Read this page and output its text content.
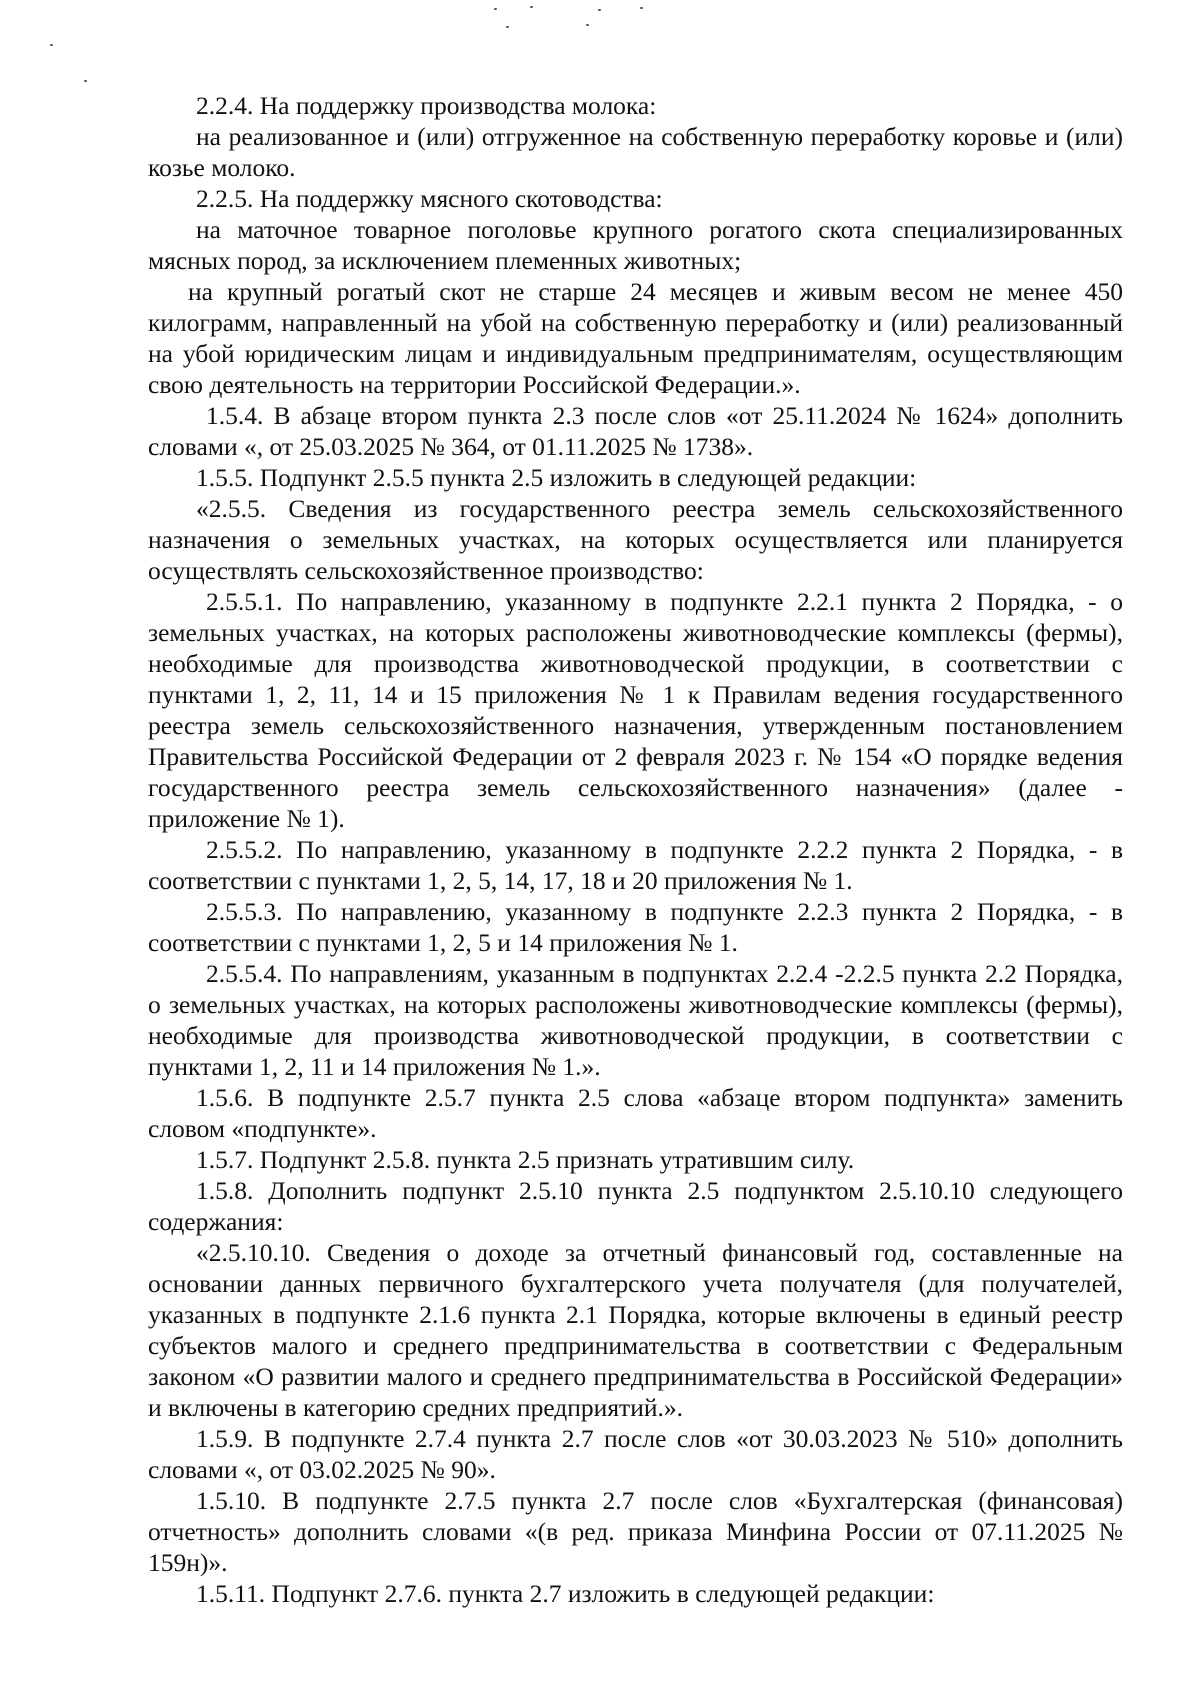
2.2.4. На поддержку производства молока:

на реализованное и (или) отгруженное на собственную переработку коровье и (или) козье молоко.

2.2.5. На поддержку мясного скотоводства:

на маточное товарное поголовье крупного рогатого скота специализированных мясных пород, за исключением племенных животных;

на крупный рогатый скот не старше 24 месяцев и живым весом не менее 450 килограмм, направленный на убой на собственную переработку и (или) реализованный на убой юридическим лицам и индивидуальным предпринимателям, осуществляющим свою деятельность на территории Российской Федерации.».

1.5.4. В абзаце втором пункта 2.3 после слов «от 25.11.2024 № 1624» дополнить словами «, от 25.03.2025 № 364, от 01.11.2025 № 1738».

1.5.5. Подпункт 2.5.5 пункта 2.5 изложить в следующей редакции:

«2.5.5. Сведения из государственного реестра земель сельскохозяйственного назначения о земельных участках, на которых осуществляется или планируется осуществлять сельскохозяйственное производство:

2.5.5.1. По направлению, указанному в подпункте 2.2.1 пункта 2 Порядка, - о земельных участках, на которых расположены животноводческие комплексы (фермы), необходимые для производства животноводческой продукции, в соответствии с пунктами 1, 2, 11, 14 и 15 приложения № 1 к Правилам ведения государственного реестра земель сельскохозяйственного назначения, утвержденным постановлением Правительства Российской Федерации от 2 февраля 2023 г. № 154 «О порядке ведения государственного реестра земель сельскохозяйственного назначения» (далее - приложение № 1).

2.5.5.2. По направлению, указанному в подпункте 2.2.2 пункта 2 Порядка, - в соответствии с пунктами 1, 2, 5, 14, 17, 18 и 20 приложения № 1.

2.5.5.3. По направлению, указанному в подпункте 2.2.3 пункта 2 Порядка, - в соответствии с пунктами 1, 2, 5 и 14 приложения № 1.

2.5.5.4. По направлениям, указанным в подпунктах 2.2.4 -2.2.5 пункта 2.2 Порядка, о земельных участках, на которых расположены животноводческие комплексы (фермы), необходимые для производства животноводческой продукции, в соответствии с пунктами 1, 2, 11 и 14 приложения № 1.».

1.5.6. В подпункте 2.5.7 пункта 2.5 слова «абзаце втором подпункта» заменить словом «подпункте».

1.5.7. Подпункт 2.5.8. пункта 2.5 признать утратившим силу.

1.5.8. Дополнить подпункт 2.5.10 пункта 2.5 подпунктом 2.5.10.10 следующего содержания:

«2.5.10.10. Сведения о доходе за отчетный финансовый год, составленные на основании данных первичного бухгалтерского учета получателя (для получателей, указанных в подпункте 2.1.6 пункта 2.1 Порядка, которые включены в единый реестр субъектов малого и среднего предпринимательства в соответствии с Федеральным законом «О развитии малого и среднего предпринимательства в Российской Федерации» и включены в категорию средних предприятий.».

1.5.9. В подпункте 2.7.4 пункта 2.7 после слов «от 30.03.2023 № 510» дополнить словами «, от 03.02.2025 № 90».

1.5.10. В подпункте 2.7.5 пункта 2.7 после слов «Бухгалтерская (финансовая) отчетность» дополнить словами «(в ред. приказа Минфина России от 07.11.2025 № 159н)».

1.5.11. Подпункт 2.7.6. пункта 2.7 изложить в следующей редакции:
